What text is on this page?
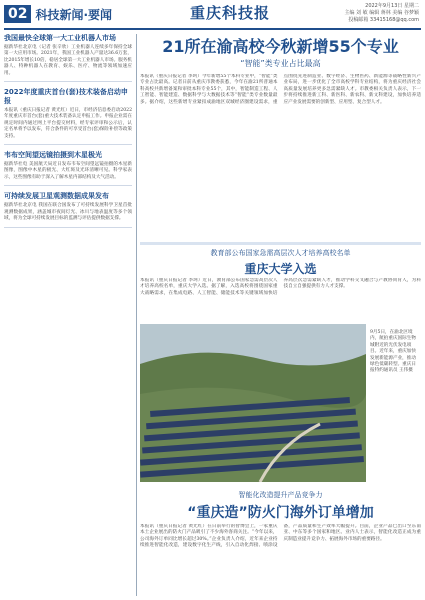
02 科技新闻·要闻	重庆科技报	2022年9月13日 星期二
主编 刘 敏 编辑 蒋林 美编 谷梦颖
投稿邮箱 33415168@qq.com
我国最快全球第一大工业机器人市场
据新华社北京电（记者 张辛欣）工业机器人连续多年保持全球第一大应用市场。2021年，我国工业机器人产量达36.6万套，比2015年增长10倍，稳居全球第一大工业机器人市场。服务机器人、特种机器人在教育、娱乐、医疗、物流等领域加速应用。
2022年度重庆首台(套)技术装备启动申报
本报讯（重庆日报记者 黄光红）近日，市经济信息委启动2022年度重庆市首台(套)重大技术装备认定申报工作。申报企业需在规定时间内通过网上平台提交材料，经专家评审和公示后，认定名单将予以发布，符合条件的可享受首台(套)保险补偿等政策支持。
韦布空间望远镜拍摄到木星极光
据新华社电 美国航天局近日发布韦布空间望远镜拍摄的木星新图像，图像中木星的极光、大红斑及光环清晰可见。科学家表示，这些图像有助于深入了解木星内部结构及大气活动。
可持续发展卫星观测数据成果发布
据新华社北京电 我国在联合国发布了可持续发展科学卫星首批观测数据成果，涵盖城市夜间灯光、冰川与地表温度等多个领域，将为全球可持续发展目标的监测与评估提供数据支撑。
21所在渝高校今秋新增55个专业
“智能”类专业占比最高
本报讯（重庆日报记者 李珂）今年新增55个本科专业中，“智能”类专业占比最高。记者日前从重庆市教委获悉，今年在渝21所普通本科高校共新增备案和审批本科专业55个，其中，智能制造工程、人工智能、智能建造、数据科学与大数据技术等“智能”类专业数量最多。据介绍，这些新增专业紧扣成渝地区双城经济圈建设需求，重点围绕先进制造业、数字经济、生物医药、新能源等战略性新兴产业布局，进一步优化了全市高校学科专业结构，将为重庆经济社会高质量发展培养更多急需紧缺人才。市教委相关负责人表示，下一步将持续推进新工科、新医科、新农科、新文科建设，加快培养适应产业发展需要的创新型、应用型、复合型人才。
教育部公布国家急需高层次人才培养高校名单
重庆大学入选
本报讯（重庆日报记者 李珂）近日，教育部公布国家急需高层次人才培养高校名单，重庆大学入选。据了解，入选高校将围绕国家重大战略需求，在集成电路、人工智能、储能技术等关键领域加快培养高层次急需紧缺人才，推动学科交叉融合与产教协同育人，为科技自立自强提供有力人才支撑。
9月5日，在渝北区境内，航拍重庆国际生物城附近的光伏发电项目。近年来，重庆加快发展新能源产业，推动绿色低碳转型。重庆日报特约通讯员 王伟摄
智能化改造提升产品竞争力
“重庆造”防火门海外订单增加
本报讯（重庆日报记者 黄光红）在日前举行的智博会上，一家重庆本土企业展出的防火门产品吸引了不少海外客商关注。“今年以来，公司海外订单同比增长超过30%。”企业负责人介绍，近年来企业持续推进智能化改造，建设数字化生产线，引入自动化焊接、喷涂设备，产品质量和生产效率大幅提升。目前，企业产品已出口至东南亚、中东等多个国家和地区。业内人士表示，智能化改造正成为重庆制造业提升竞争力、拓展海外市场的重要路径。
